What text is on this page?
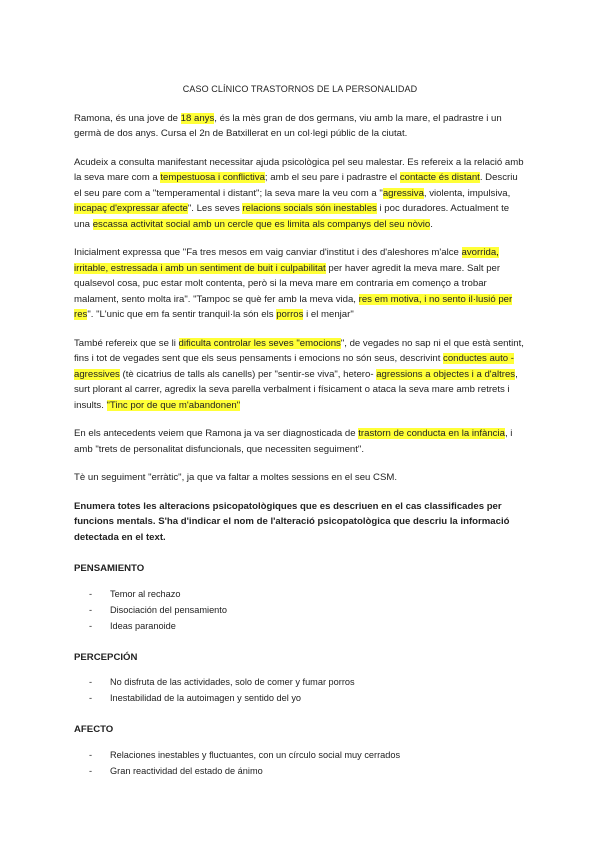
CASO CLÍNICO TRASTORNOS DE LA PERSONALIDAD

Ramona, és una jove de 18 anys, és la mès gran de dos germans, viu amb la mare, el padrastre i un germà de dos anys. Cursa el 2n de Batxillerat en un col·legi públic de la ciutat.

Acudeix a consulta manifestant necessitar ajuda psicològica pel seu malestar. Es refereix a la relació amb la seva mare com a tempestuosa i conflictiva; amb el seu pare i padrastre el contacte és distant. Descriu el seu pare com a "temperamental i distant"; la seva mare la veu com a "agressiva, violenta, impulsiva, incapaç d'expressar afecte". Les seves relacions socials són inestables i poc duradores. Actualment te una escassa activitat social amb un cercle que es limita als companys del seu nòvio.

Inicialment expressa que "Fa tres mesos em vaig canviar d'institut i des d'aleshores m'alce avorrida, irritable, estressada i amb un sentiment de buit i culpabilitat per haver agredit la meva mare. Salt per qualsevol cosa, puc estar molt contenta, però si la meva mare em contraria em començo a trobar malament, sento molta ira". "Tampoc se què fer amb la meva vida, res em motiva, i no sento il·lusió per res". "L'unic que em fa sentir tranquil·la són els porros i el menjar"

També refereix que se li dificulta controlar les seves "emocions", de vegades no sap ni el que està sentint, fins i tot de vegades sent que els seus pensaments i emocions no són seus, descrivint conductes auto - agressives (tè cicatrius de talls als canells) per "sentir-se viva", hetero- agressions a objectes i a d'altres, surt plorant al carrer, agredix la seva parella verbalment i físicament o ataca la seva mare amb retrets i insults. "Tinc por de que m'abandonen"

En els antecedents veiem que Ramona ja va ser diagnosticada de trastorn de conducta en la infància, i amb "trets de personalitat disfuncionals, que necessiten seguiment".

Tè un seguiment "erràtic", ja que va faltar a moltes sessions en el seu CSM.

Enumera totes les alteracions psicopatològiques que es descriuen en el cas classificades per funcions mentals. S'ha d'indicar el nom de l'alteració psicopatològica que descriu la informació detectada en el text.

PENSAMIENTO
- Temor al rechazo
- Disociación del pensamiento
- Ideas paranoide
PERCEPCIÓN
- No disfruta de las actividades, solo de comer y fumar porros
- Inestabilidad de la autoimagen y sentido del yo
AFECTO
- Relaciones inestables y fluctuantes, con un círculo social muy cerrados
- Gran reactividad del estado de ánimo
